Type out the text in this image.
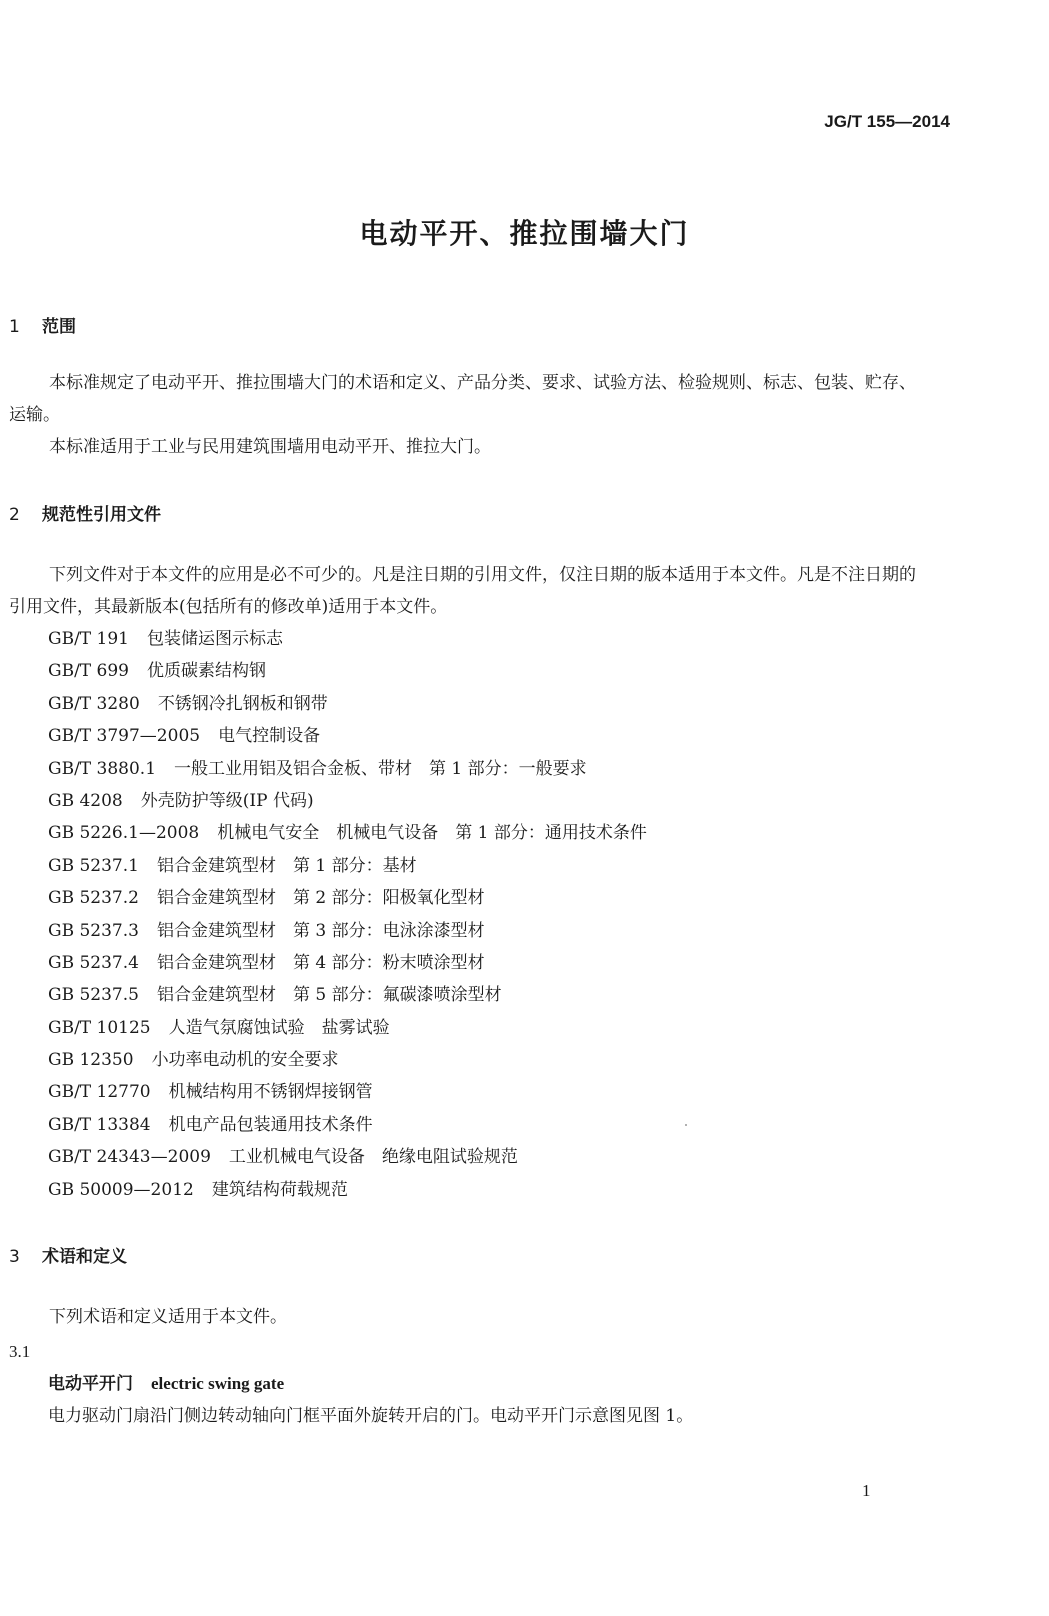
JG/T 155—2014
电动平开、推拉围墙大门
1 范围

本标准规定了电动平开、推拉围墙大门的术语和定义、产品分类、要求、试验方法、检验规则、标志、包装、贮存、运输。

本标准适用于工业与民用建筑围墙用电动平开、推拉大门。

2 规范性引用文件

下列文件对于本文件的应用是必不可少的。凡是注日期的引用文件，仅注日期的版本适用于本文件。凡是不注日期的引用文件，其最新版本(包括所有的修改单)适用于本文件。

GB/T 191 包装储运图示标志
GB/T 699 优质碳素结构钢
GB/T 3280 不锈钢冷扎钢板和钢带
GB/T 3797—2005 电气控制设备
GB/T 3880.1 一般工业用铝及铝合金板、带材　第 1 部分：一般要求
GB 4208 外壳防护等级(IP 代码)
GB 5226.1—2008 机械电气安全　机械电气设备　第 1 部分：通用技术条件
GB 5237.1 铝合金建筑型材　第 1 部分：基材
GB 5237.2 铝合金建筑型材　第 2 部分：阳极氧化型材
GB 5237.3 铝合金建筑型材　第 3 部分：电泳涂漆型材
GB 5237.4 铝合金建筑型材　第 4 部分：粉末喷涂型材
GB 5237.5 铝合金建筑型材　第 5 部分：氟碳漆喷涂型材
GB/T 10125 人造气氛腐蚀试验　盐雾试验
GB 12350 小功率电动机的安全要求
GB/T 12770 机械结构用不锈钢焊接钢管
GB/T 13384 机电产品包装通用技术条件
GB/T 24343—2009 工业机械电气设备　绝缘电阻试验规范
GB 50009—2012 建筑结构荷载规范
3 术语和定义

下列术语和定义适用于本文件。

3.1
电动平开门 electric swing gate
电力驱动门扇沿门侧边转动轴向门框平面外旋转开启的门。电动平开门示意图见图 1。
1
